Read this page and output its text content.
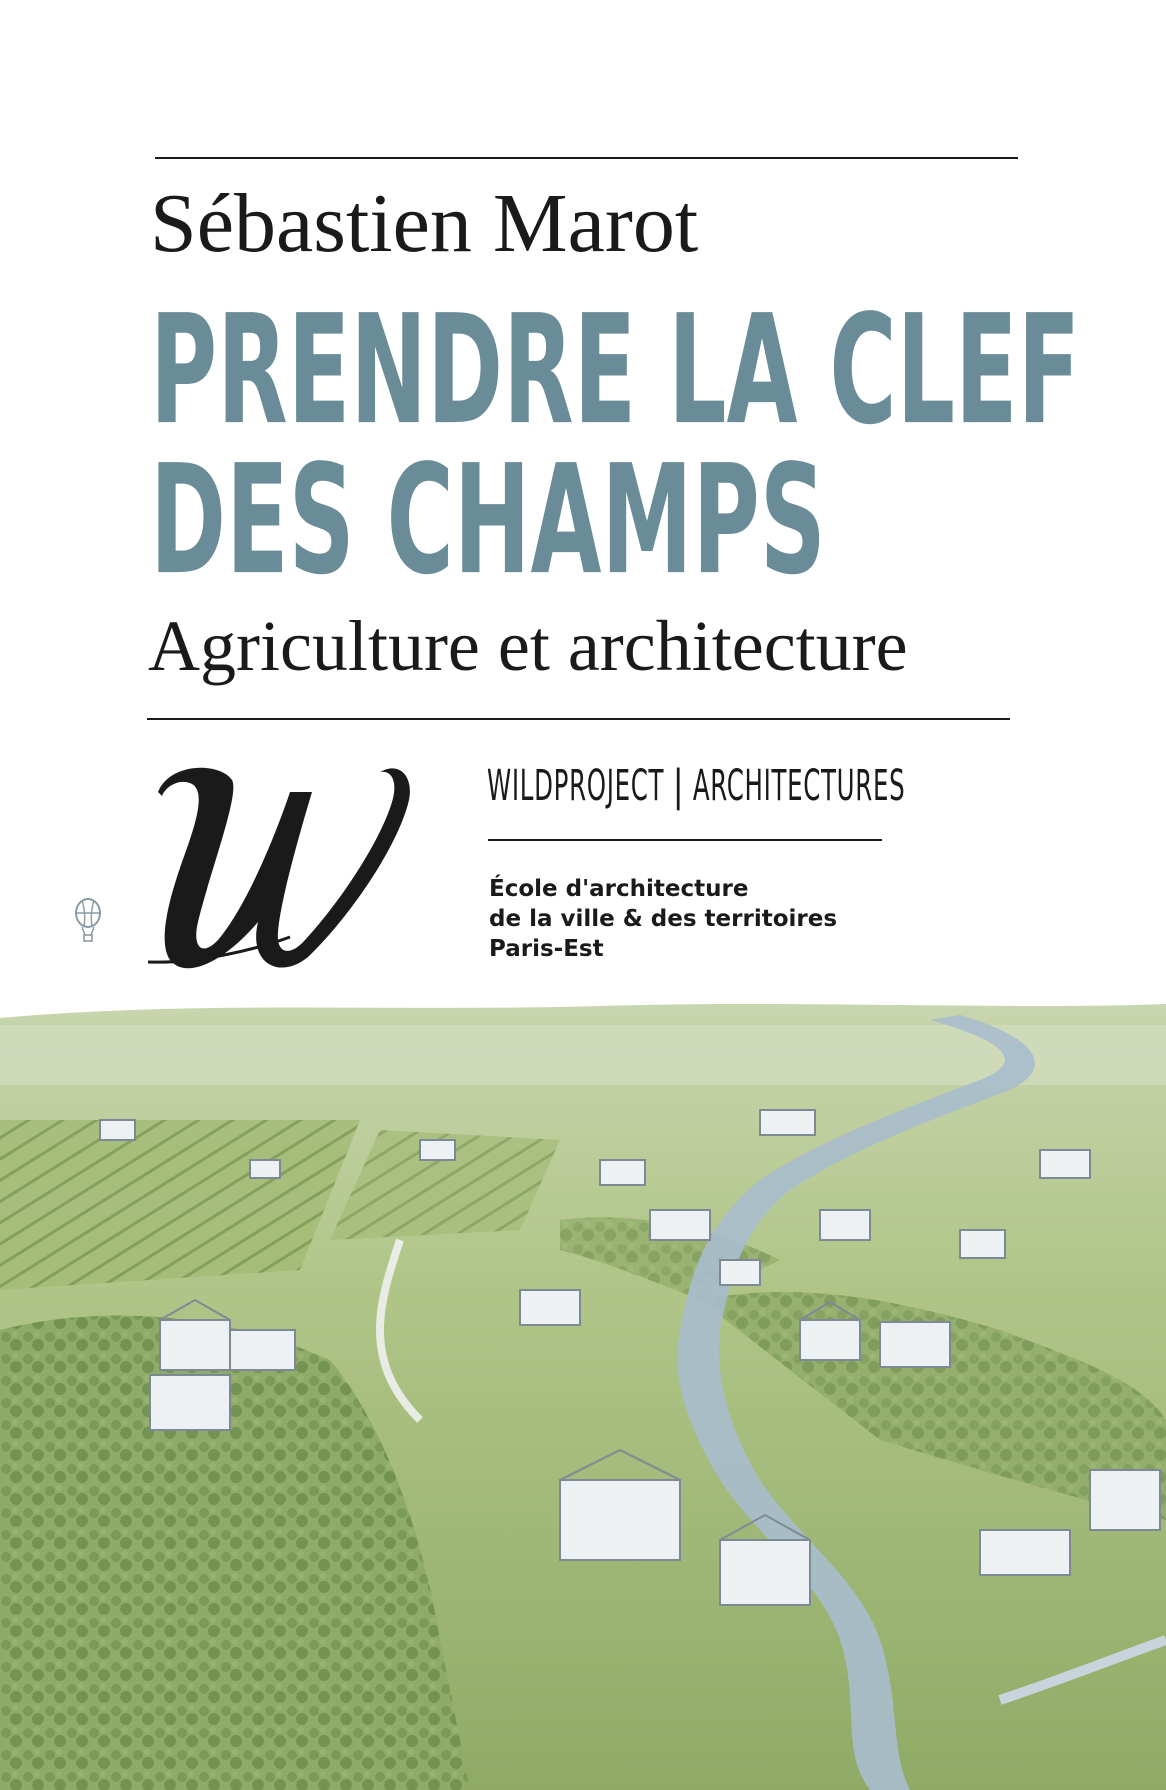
Sébastien Marot
PRENDRE LA CLEF
DES CHAMPS
Agriculture et architecture
WILDPROJECT | ARCHITECTURES
École d'architecture
de la ville & des territoires
Paris-Est
